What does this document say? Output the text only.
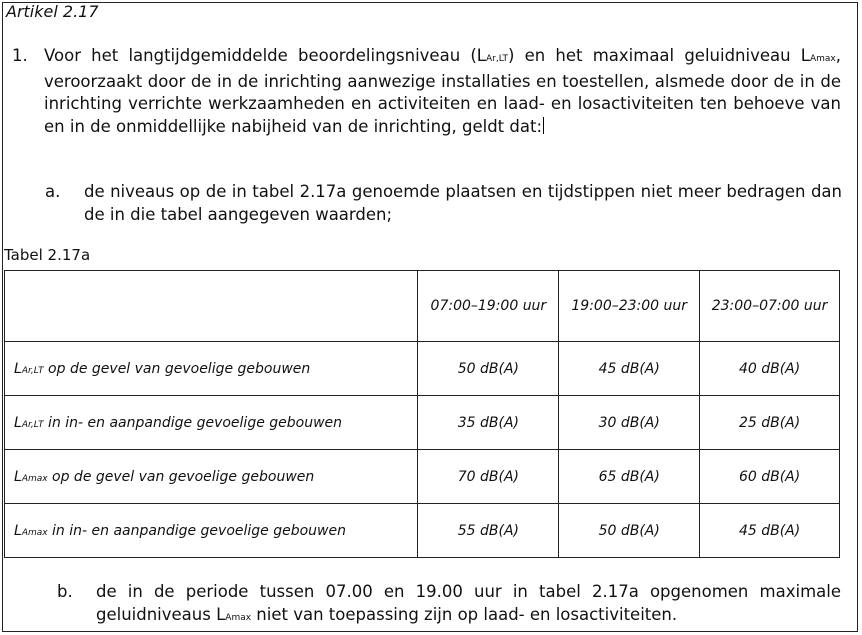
Artikel 2.17
1. Voor het langtijdgemiddelde beoordelingsniveau (LAr,LT) en het maximaal geluidniveau LAmax, veroorzaakt door de in de inrichting aanwezige installaties en toestellen, alsmede door de in de inrichting verrichte werkzaamheden en activiteiten en laad- en losactiviteiten ten behoeve van en in de onmiddellijke nabijheid van de inrichting, geldt dat:
a. de niveaus op de in tabel 2.17a genoemde plaatsen en tijdstippen niet meer bedragen dan de in die tabel aangegeven waarden;
Tabel 2.17a
	07:00–19:00 uur	19:00–23:00 uur	23:00–07:00 uur
LAr,LT op de gevel van gevoelige gebouwen	50 dB(A)	45 dB(A)	40 dB(A)
LAr,LT in in- en aanpandige gevoelige gebouwen	35 dB(A)	30 dB(A)	25 dB(A)
LAmax op de gevel van gevoelige gebouwen	70 dB(A)	65 dB(A)	60 dB(A)
LAmax in in- en aanpandige gevoelige gebouwen	55 dB(A)	50 dB(A)	45 dB(A)
b. de in de periode tussen 07.00 en 19.00 uur in tabel 2.17a opgenomen maximale geluidniveaus LAmax niet van toepassing zijn op laad- en losactiviteiten.
